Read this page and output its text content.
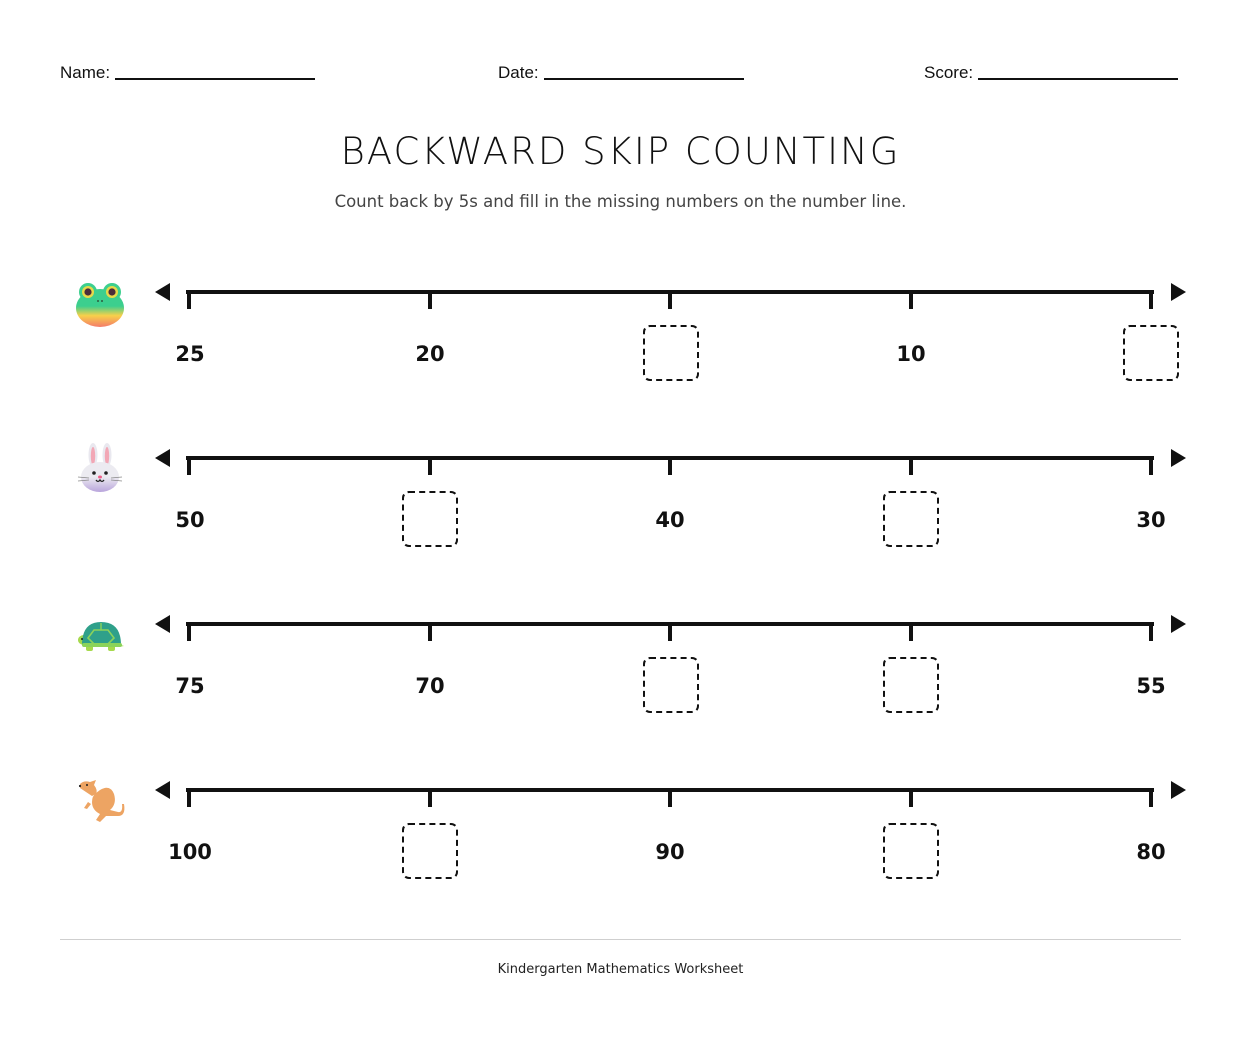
Name:	Date:	Score:
BACKWARD SKIP COUNTING
Count back by 5s and fill in the missing numbers on the number line.
25	20	10
50	40	30
75	70	55
100	90	80
Kindergarten Mathematics Worksheet
